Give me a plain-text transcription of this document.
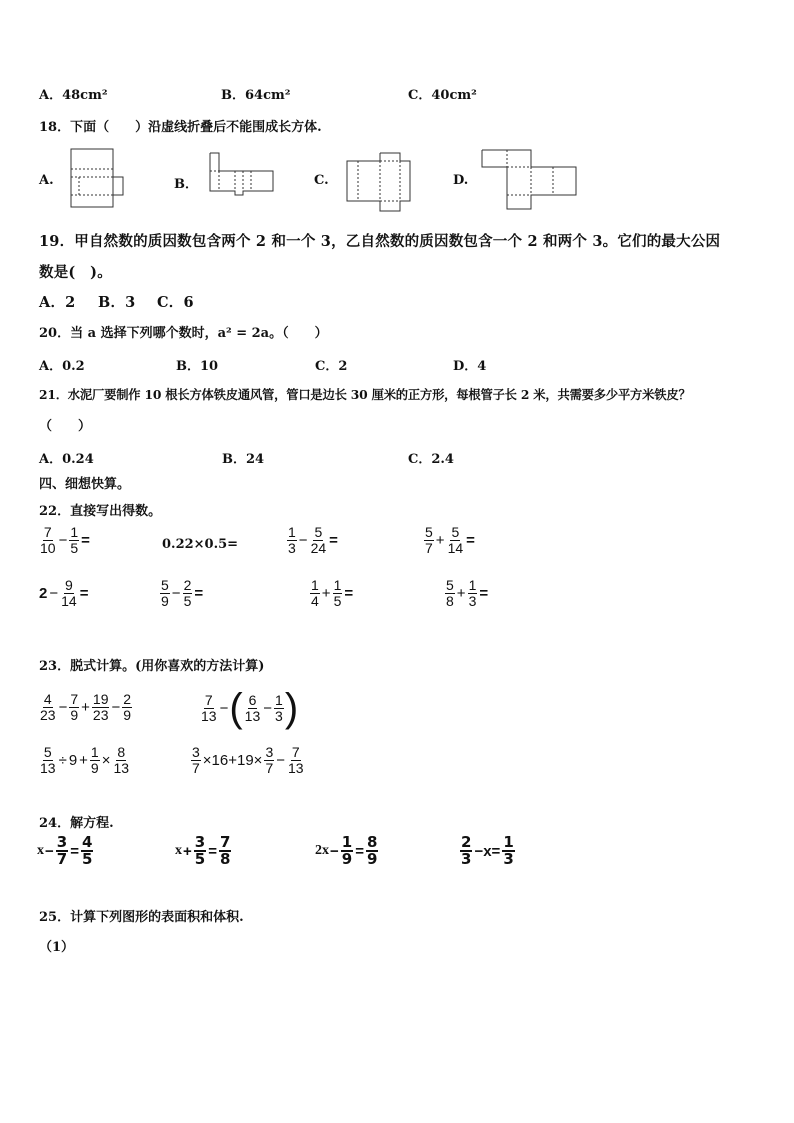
A．48cm²	B．64cm²	C．40cm²
18．下面（　　）沿虚线折叠后不能围成长方体.
A.	B．	C.	D.
19．甲自然数的质因数包含两个 2 和一个 3，乙自然数的质因数包含一个 2 和两个 3。它们的最大公因
数是(　)。
A．2 B．3 C．6
20．当 a 选择下列哪个数时，a² = 2a。（　　）
A．0.2	B．10	C．2	D．4
21．水泥厂要制作 10 根长方体铁皮通风管，管口是边长 30 厘米的正方形，每根管子长 2 米，共需要多少平方米铁皮？
（　　）
A．0.24	B．24	C．2.4
四、细想快算。
22．直接写出得数。
$\frac{7}{10} - \frac{1}{5}$ =	0.22×0.5=	$\frac{1}{3} - \frac{5}{24}$ =	$\frac{5}{7} + \frac{5}{14}$ =
$2 - \frac{9}{14}$ =	$\frac{5}{9} - \frac{2}{5}$ =	$\frac{1}{4} + \frac{1}{5}$ =	$\frac{5}{8} + \frac{1}{3}$ =
23．脱式计算。(用你喜欢的方法计算)
$\frac{4}{23} - \frac{7}{9} + \frac{19}{23} - \frac{2}{9}$	$\frac{7}{13}$ −( $\frac{6}{13} - \frac{1}{3}$ )
$\frac{5}{13} \div 9 + \frac{1}{9} \times \frac{8}{13}$	$\frac{3}{7} \times 16+19\times \frac{3}{7} - \frac{7}{13}$
24．解方程.
$x- \frac{3}{7} = \frac{4}{5}$	$x+ \frac{3}{5} = \frac{7}{8}$	$2x- \frac{1}{9} = \frac{8}{9}$	$\frac{2}{3} -x= \frac{1}{3}$
25．计算下列图形的表面积和体积.
（1）
